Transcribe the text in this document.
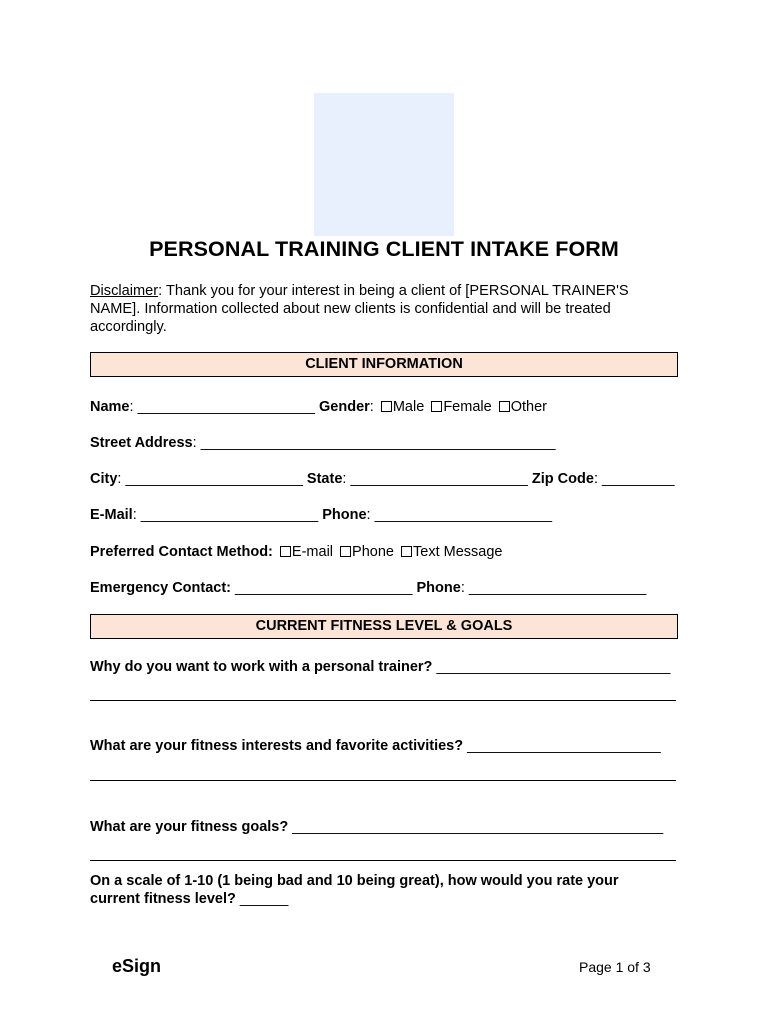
PERSONAL TRAINING CLIENT INTAKE FORM
Disclaimer: Thank you for your interest in being a client of [PERSONAL TRAINER'S NAME]. Information collected about new clients is confidential and will be treated accordingly.
CLIENT INFORMATION
Name: ______________________ Gender: Male Female Other
Street Address: ____________________________________________
City: ______________________ State: ______________________ Zip Code: _________
E-Mail: ______________________ Phone: ______________________
Preferred Contact Method: E-mail Phone Text Message
Emergency Contact: ______________________ Phone: ______________________
CURRENT FITNESS LEVEL & GOALS
Why do you want to work with a personal trainer? _____________________________
What are your fitness interests and favorite activities? ________________________
What are your fitness goals? ______________________________________________
On a scale of 1-10 (1 being bad and 10 being great), how would you rate your
current fitness level? ______
eSign	Page 1 of 3
